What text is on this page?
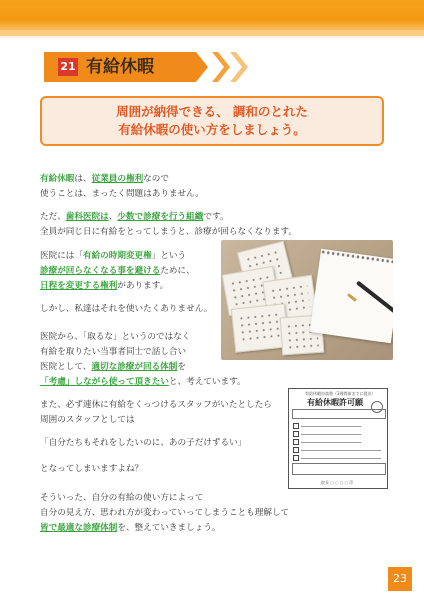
21 有給休暇

周囲が納得できる、 調和のとれた

有給休暇の使い方をしましょう。

有給休暇は、従業員の権利なので
使うことは、まったく問題はありません。
ただ、歯科医院は、少数で診療を行う組織です。
全員が同じ日に有給をとってしまうと、診療が回らなくなります。
医院には「有給の時期変更権」という
診療が回らなくなる事を避けるために、
日程を変更する権利があります。
しかし、私達はそれを使いたくありません。
医院から、「取るな」というのではなく
有給を取りたい当事者同士で話し合い
医院として、適切な診療が回る体制を
「考慮」しながら使って頂きたいと、考えています。
また、必ず連休に有給をくっつけるスタッフがいたとしたら
周囲のスタッフとしては
「自分たちもそれをしたいのに、あの子だけずるい」
となってしまいますよね？
そういった、自分の有給の使い方によって
自分の見え方、思われ方が変わっていってしまうことも理解して
皆で最適な診療体制を、整えていきましょう。
有給休暇申請書（3週間前までに提出）
有給休暇許可願
院長 ○ ○ ○ ○ 印
23
